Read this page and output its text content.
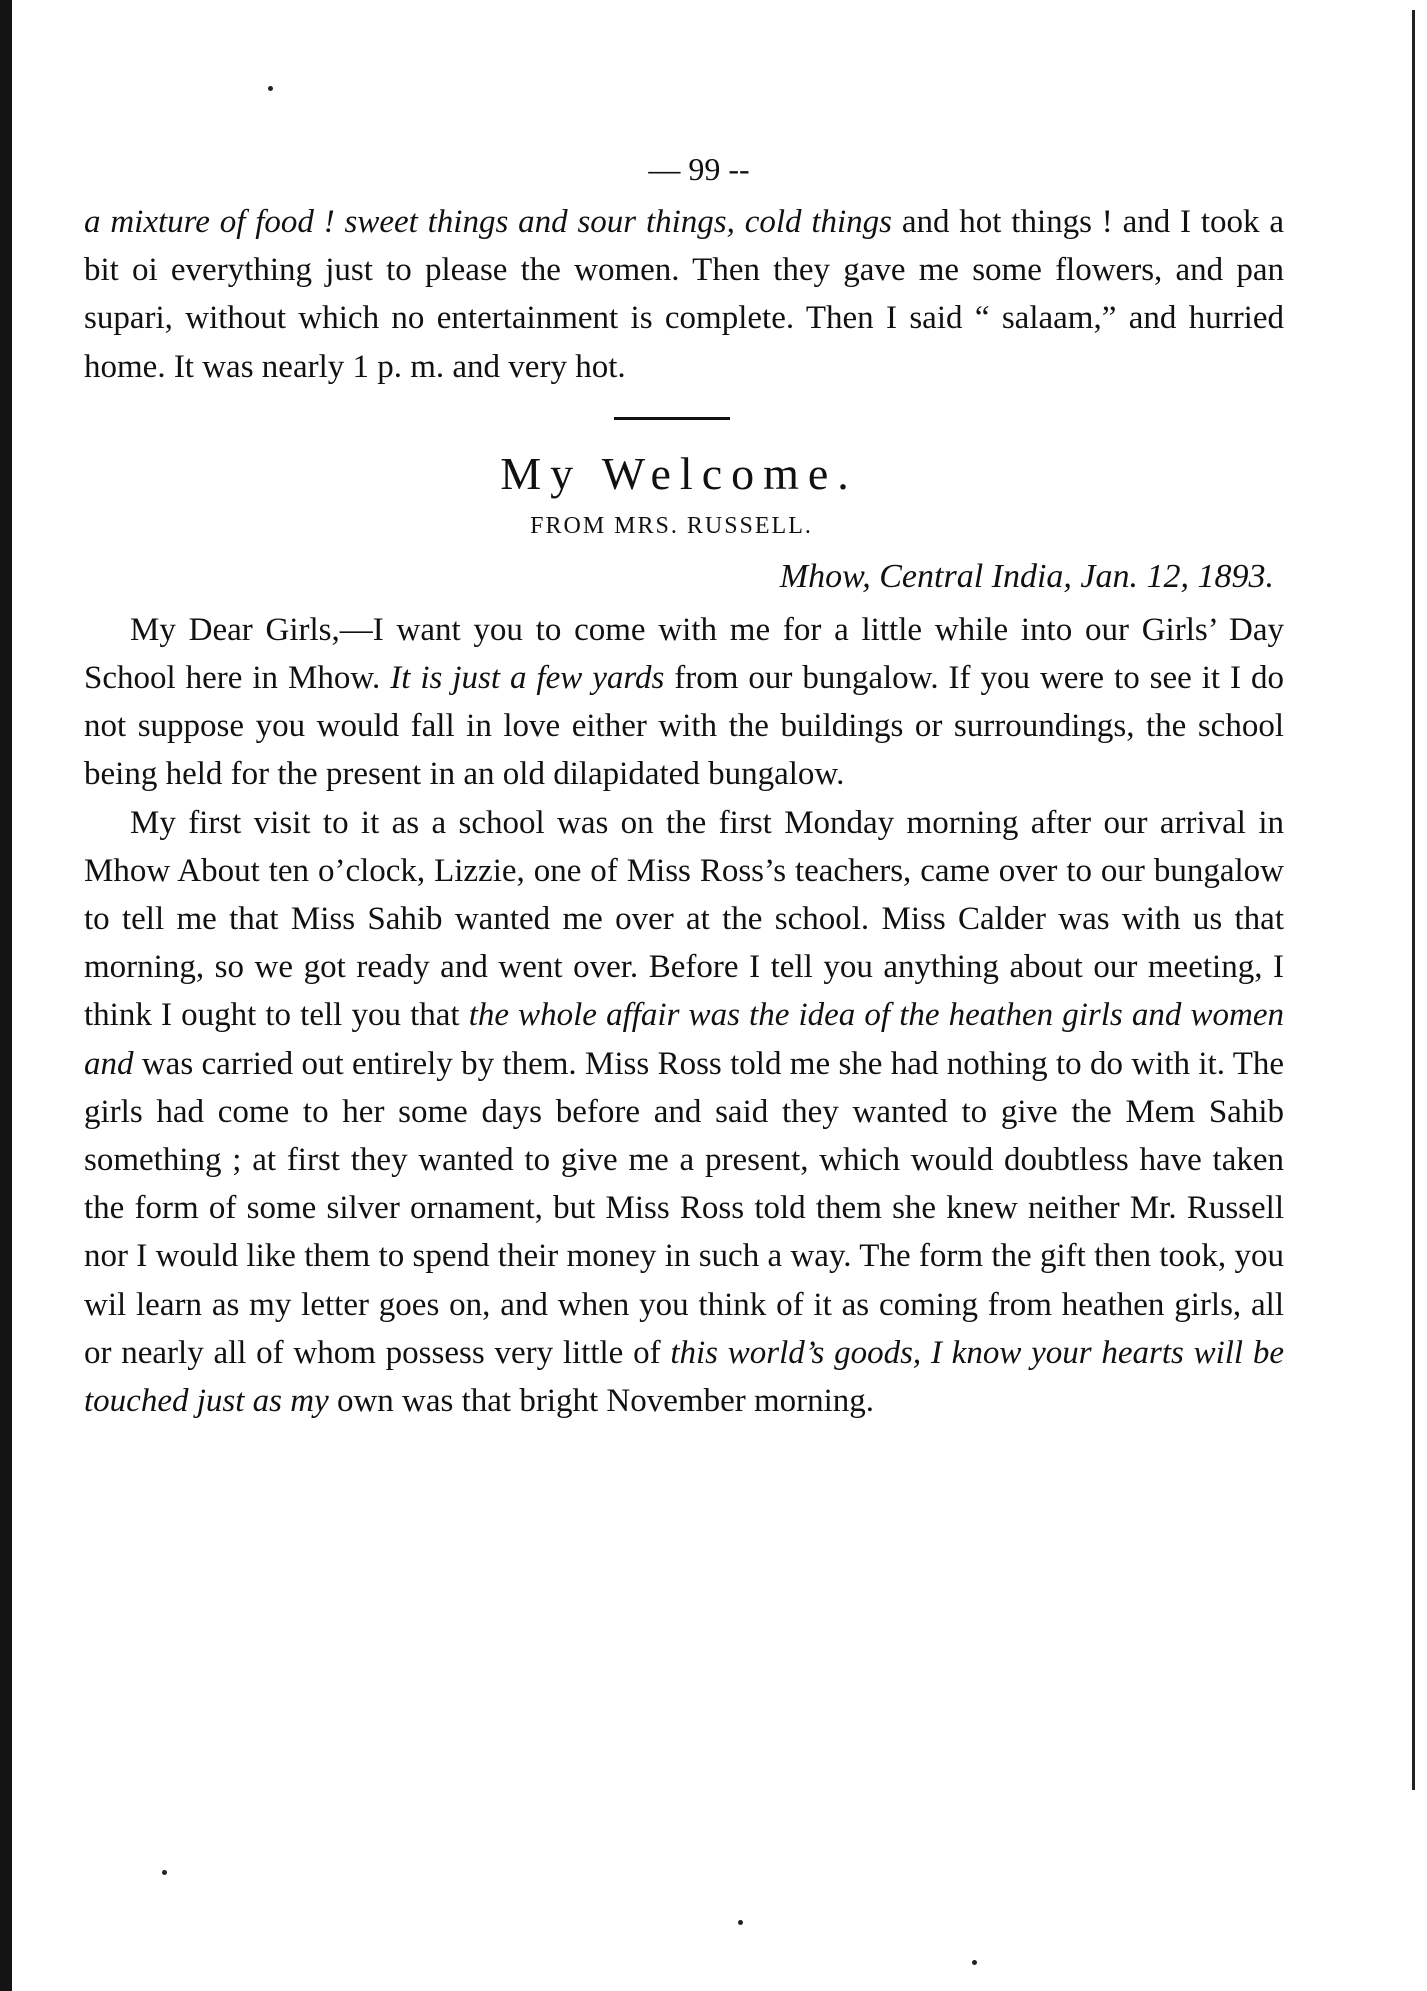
— 99 --

a mixture of food ! sweet things and sour things, cold things and hot things ! and I took a bit oi everything just to please the women. Then they gave me some flowers, and pan supari, without which no entertainment is complete. Then I said “ salaam,” and hurried home. It was nearly 1 p. m. and very hot.

My Welcome.
FROM MRS. RUSSELL.
Mhow, Central India, Jan. 12, 1893.

My Dear Girls,—I want you to come with me for a little while into our Girls’ Day School here in Mhow. It is just a few yards from our bungalow. If you were to see it I do not suppose you would fall in love either with the buildings or surroundings, the school being held for the present in an old dilapidated bungalow.

My first visit to it as a school was on the first Monday morning after our arrival in Mhow About ten o’clock, Lizzie, one of Miss Ross’s teachers, came over to our bungalow to tell me that Miss Sahib wanted me over at the school. Miss Calder was with us that morning, so we got ready and went over. Before I tell you anything about our meeting, I think I ought to tell you that the whole affair was the idea of the heathen girls and women and was carried out entirely by them. Miss Ross told me she had nothing to do with it. The girls had come to her some days before and said they wanted to give the Mem Sahib something ; at first they wanted to give me a present, which would doubtless have taken the form of some silver ornament, but Miss Ross told them she knew neither Mr. Russell nor I would like them to spend their money in such a way. The form the gift then took, you wil learn as my letter goes on, and when you think of it as coming from heathen girls, all or nearly all of whom possess very little of this world’s goods, I know your hearts will be touched just as my own was that bright November morning.
